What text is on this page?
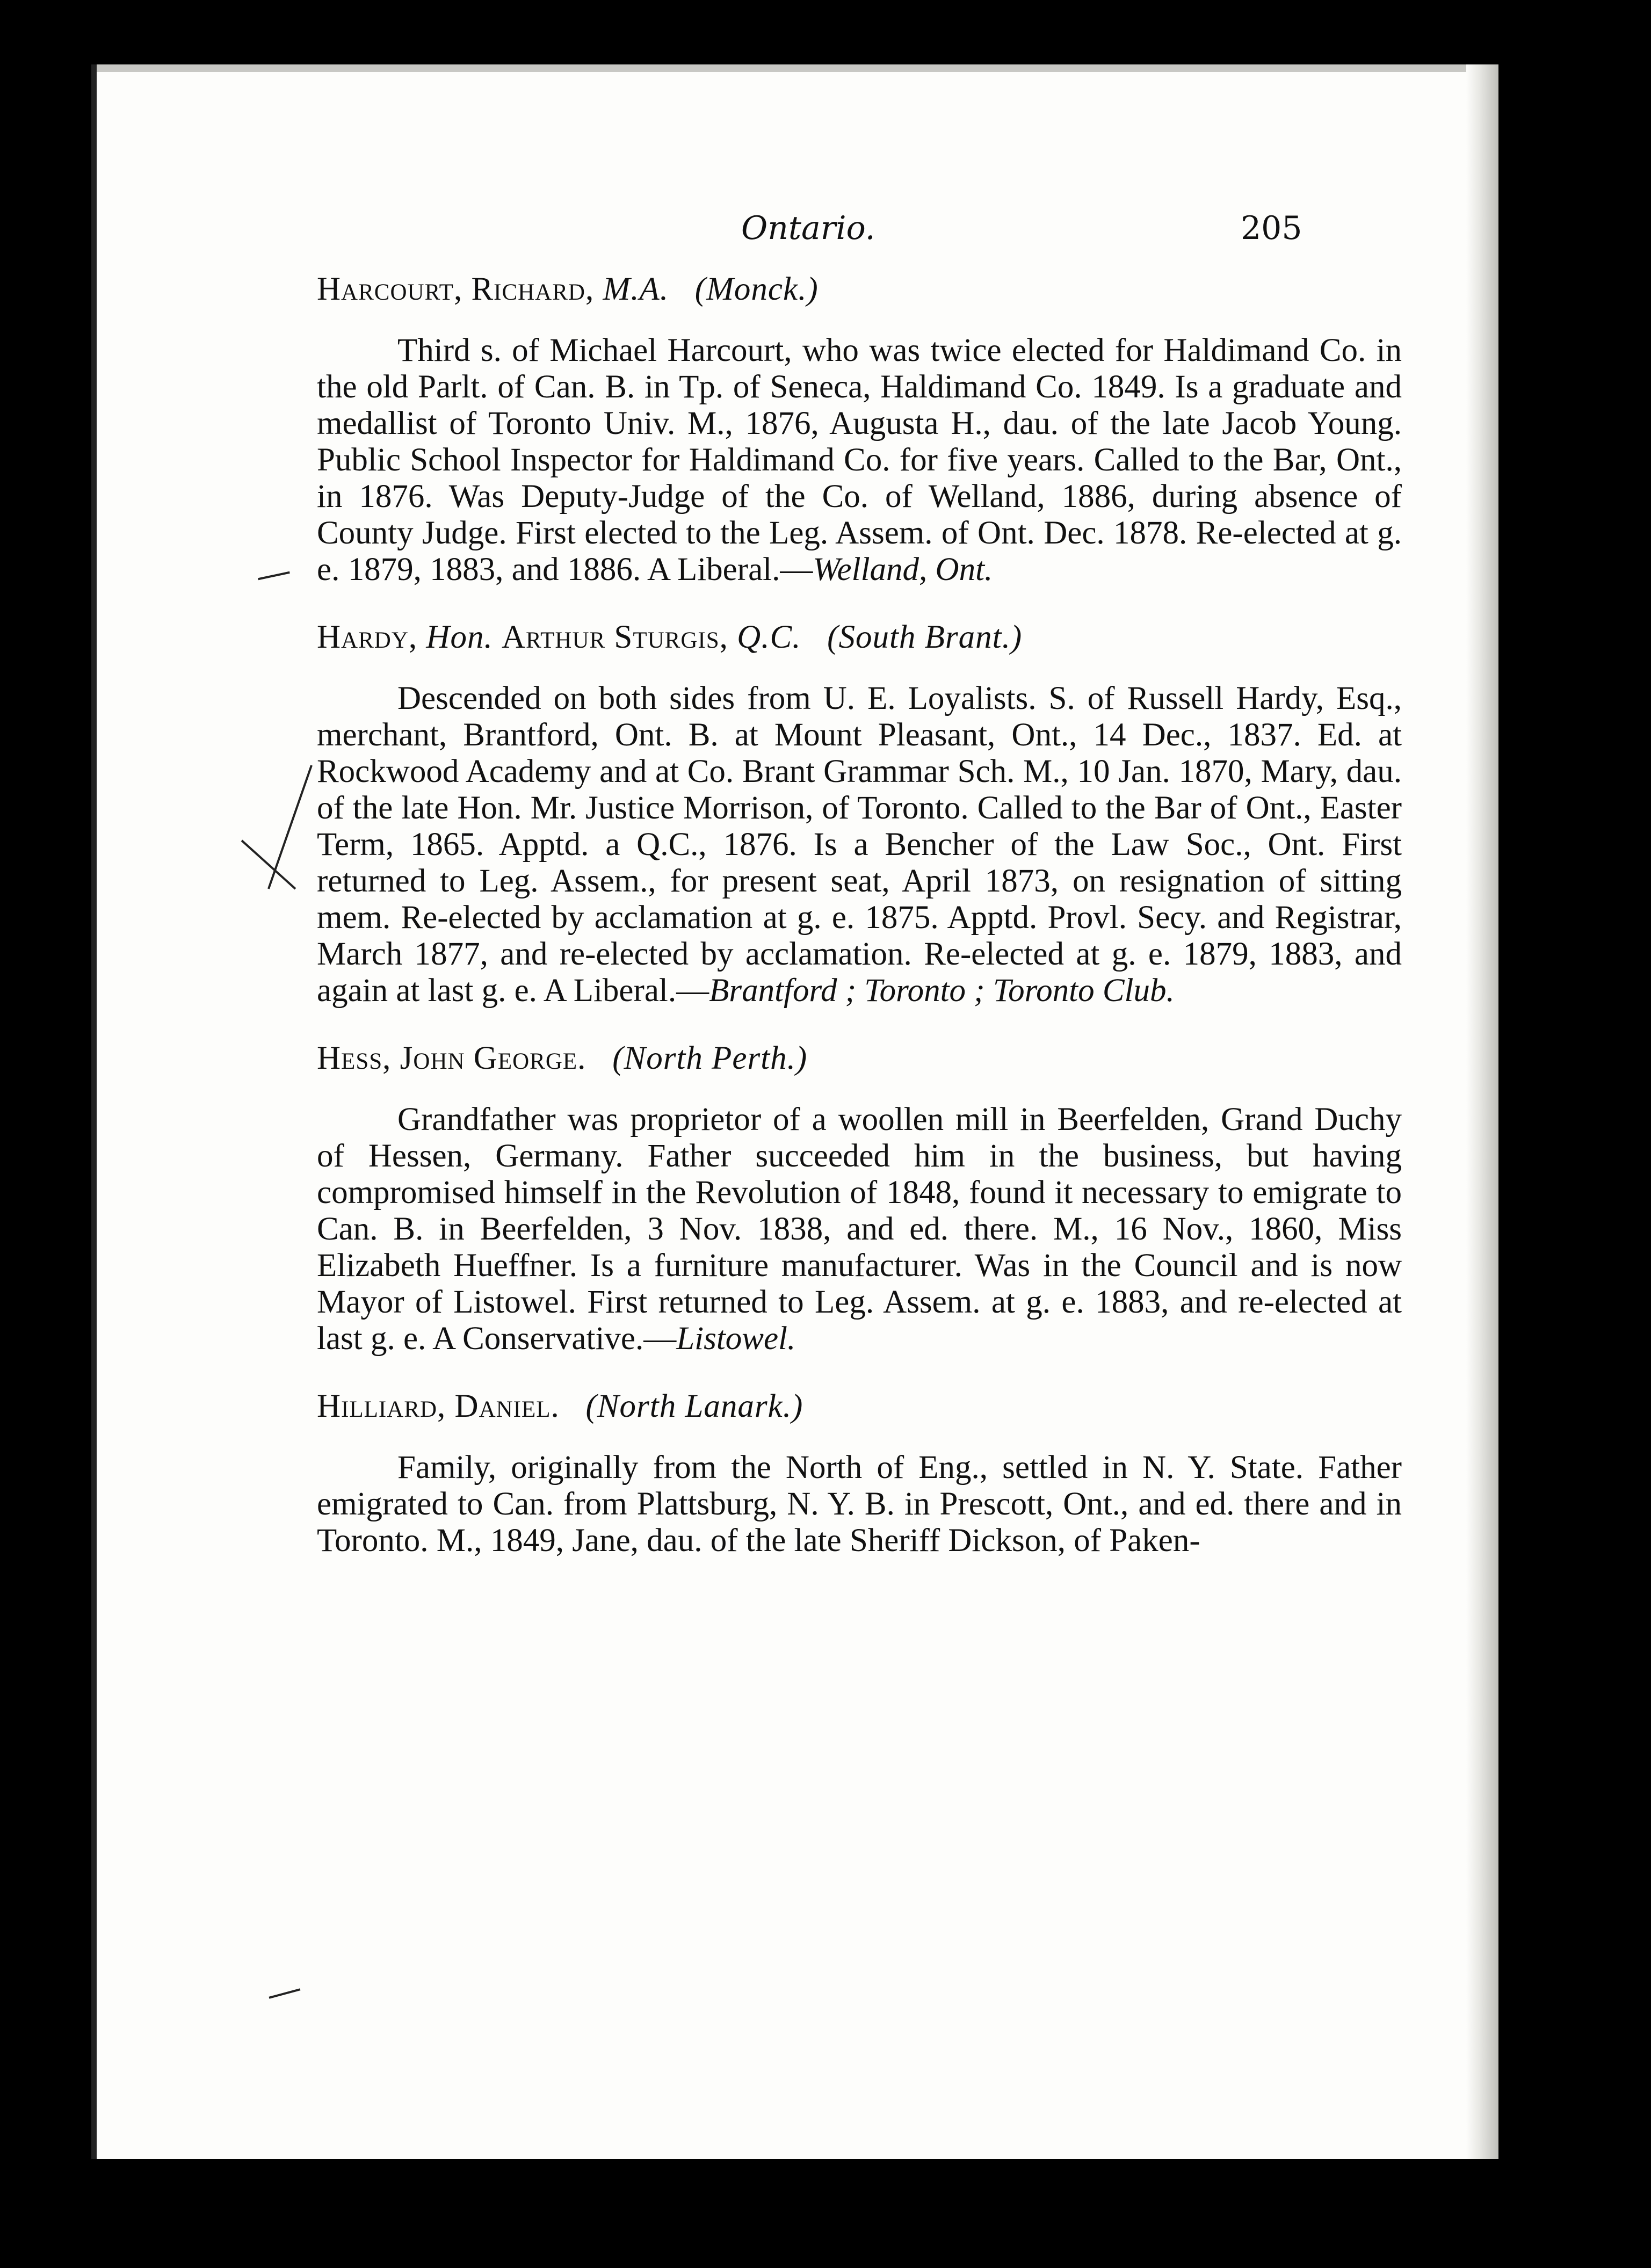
Ontario.	205
Harcourt, Richard, M.A. (Monck.)

Third s. of Michael Harcourt, who was twice elected for Haldimand Co. in the old Parlt. of Can. B. in Tp. of Seneca, Haldimand Co. 1849. Is a graduate and medallist of Toronto Univ. M., 1876, Augusta H., dau. of the late Jacob Young. Public School Inspector for Haldimand Co. for five years. Called to the Bar, Ont., in 1876. Was Deputy-Judge of the Co. of Welland, 1886, during absence of County Judge. First elected to the Leg. Assem. of Ont. Dec. 1878. Re-elected at g. e. 1879, 1883, and 1886. A Liberal.—Welland, Ont.

Hardy, Hon. Arthur Sturgis, Q.C. (South Brant.)

Descended on both sides from U. E. Loyalists. S. of Russell Hardy, Esq., merchant, Brantford, Ont. B. at Mount Pleasant, Ont., 14 Dec., 1837. Ed. at Rockwood Academy and at Co. Brant Grammar Sch. M., 10 Jan. 1870, Mary, dau. of the late Hon. Mr. Justice Morrison, of Toronto. Called to the Bar of Ont., Easter Term, 1865. Apptd. a Q.C., 1876. Is a Bencher of the Law Soc., Ont. First returned to Leg. Assem., for present seat, April 1873, on resignation of sitting mem. Re-elected by acclamation at g. e. 1875. Apptd. Provl. Secy. and Registrar, March 1877, and re-elected by acclamation. Re-elected at g. e. 1879, 1883, and again at last g. e. A Liberal.—Brantford ; Toronto ; Toronto Club.

Hess, John George. (North Perth.)

Grandfather was proprietor of a woollen mill in Beerfelden, Grand Duchy of Hessen, Germany. Father succeeded him in the business, but having compromised himself in the Revolution of 1848, found it necessary to emigrate to Can. B. in Beerfelden, 3 Nov. 1838, and ed. there. M., 16 Nov., 1860, Miss Elizabeth Hueffner. Is a furniture manufacturer. Was in the Council and is now Mayor of Listowel. First returned to Leg. Assem. at g. e. 1883, and re-elected at last g. e. A Conservative.—Listowel.

Hilliard, Daniel. (North Lanark.)

Family, originally from the North of Eng., settled in N. Y. State. Father emigrated to Can. from Plattsburg, N. Y. B. in Prescott, Ont., and ed. there and in Toronto. M., 1849, Jane, dau. of the late Sheriff Dickson, of Paken-
